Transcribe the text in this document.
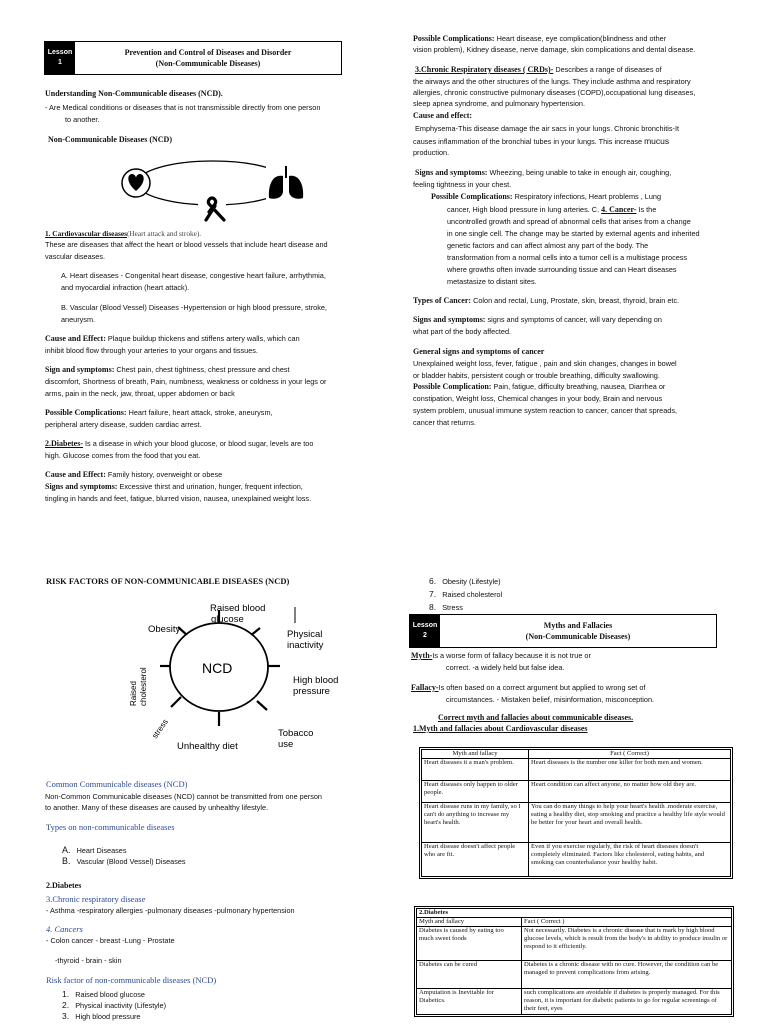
Lesson
1
Prevention and Control of Diseases and Disorder
(Non-Communicable Diseases)
Understanding Non-Communicable diseases (NCD).
- Are Medical conditions or diseases that is not transmissible directly from one person
to another.
Non-Communicable Diseases (NCD)
1. Cardiovascular diseases(Heart attack and stroke).
These are diseases that affect the heart or blood vessels that include heart disease and
vascular diseases.
A. Heart diseases - Congenital heart disease, congestive heart failure, arrhythmia,
and myocardial infraction (heart attack).
B. Vascular (Blood Vessel) Diseases -Hypertension or high blood pressure, stroke,
aneurysm.
Cause and Effect: Plaque buildup thickens and stiffens artery walls, which can
inhibit blood flow through your arteries to your organs and tissues.
Sign and symptoms: Chest pain, chest tightness, chest pressure and chest
discomfort, Shortness of breath, Pain, numbness, weakness or coldness in your legs or
arms, pain in the neck, jaw, throat, upper abdomen or back
Possible Complications: Heart failure, heart attack, stroke, aneurysm,
peripheral artery disease, sudden cardiac arrest.
2.Diabetes- Is a disease in which your blood glucose, or blood sugar, levels are too
high. Glucose comes from the food that you eat.
Cause and Effect: Family history, overweight or obese
Signs and symptoms: Excessive thirst and urination, hunger, frequent infection,
tingling in hands and feet, fatigue, blurred vision, nausea, unexplained weight loss.
Possible Complications: Heart disease, eye complication(blindness and other
vision problem), Kidney disease, nerve damage, skin complications and dental disease.
3.Chronic Respiratory diseases ( CRDs)- Describes a range of diseases of
the airways and the other structures of the lungs. They include asthma and respiratory
allergies, chronic constructive pulmonary diseases (COPD),occupational lung diseases,
sleep apnea syndrome, and pulmonary hypertension.
Cause and effect:
Emphysema-This disease damage the air sacs in your lungs. Chronic bronchitis-It
causes inflammation of the bronchial tubes in your lungs. This increase mucus
production.
Signs and symptoms: Wheezing, being unable to take in enough air, coughing,
feeling tightness in your chest.
Possible Complications: Respiratory infections, Heart problems , Lung
cancer, High blood pressure in lung arteries. C. 4. Cancer- Is the
uncontrolled growth and spread of abnormal cells that arises from a change
in one single cell. The change may be started by external agents and inherited
genetic factors and can affect almost any part of the body. The
transformation from a normal cells into a tumor cell is a multistage process
where growths often invade surrounding tissue and can Heart diseases
metastasize to distant sites.
Types of Cancer: Colon and rectal, Lung, Prostate, skin, breast, thyroid, brain etc.
Signs and symptoms: signs and symptoms of cancer, will vary depending on
what part of the body affected.
General signs and symptoms of cancer
Unexplained weight loss, fever, fatigue , pain and skin changes, changes in bowel
or bladder habits, persistent cough or trouble breathing, difficulty swallowing.
Possible Complication: Pain, fatigue, difficulty breathing, nausea, Diarrhea or
constipation, Weight loss, Chemical changes in your body, Brain and nervous
system problem, unusual immune system reaction to cancer, cancer that spreads,
cancer that returns.
RISK FACTORS OF NON-COMMUNICABLE DISEASES (NCD)
NCD
Obesity
Raised blood
glucose
Physical
inactivity
High blood
pressure
Tobacco
use
Unhealthy diet
stress
Raised cholesterol
Common Communicable diseases (NCD)
Non-Common Communicable diseases (NCD) cannot be transmitted from one person
to another. Many of these diseases are caused by unhealthy lifestyle.
Types on non-communicable diseases
A. Heart Diseases
B. Vascular (Blood Vessel) Diseases
2.Diabetes
3.Chronic respiratory disease
- Asthma -respiratory allergies -pulmonary diseases -pulmonary hypertension
4. Cancers
- Colon cancer - breast -Lung - Prostate
-thyroid - brain - skin
Risk factor of non-communicable diseases (NCD)
1. Raised blood glucose
2. Physical inactivity (Lifestyle)
3. High blood pressure
6. Obesity (Lifestyle)
7. Raised cholesterol
8. Stress
Lesson
2
Myths and Fallacies
(Non-Communicable Diseases)
Myth-Is a worse form of fallacy because it is not true or
correct. -a widely held but false idea.
Fallacy-Is often based on a correct argument but applied to wrong set of
circumstances. - Mistaken belief, misinformation, misconception.
Correct myth and fallacies about communicable diseases.
1.Myth and fallacies about Cardiovascular diseases
Myth and fallacy	Fact ( Correct)
Heart diseases it a man's problem.	Heart diseases is the number one killer for both men and women.
Heart diseases only happen to older people.	Heart condition can affect anyone, no matter how old they are.
Heart disease runs in my family, so I can't do anything to increase my heart's health.	You can do many things to help your heart's health .moderate exercise, eating a healthy diet, stop smoking and practice a healthy life style would be better for your heart and overall health.
Heart disease doesn't affect people who are fit.	Even if you exercise regularly, the risk of heart diseases doesn't completely eliminated. Factors like cholesterol, eating habits, and smoking can counterbalance your healthy habit.
2.Diabetes	
Myth and fallacy	Fact ( Correct )
Diabetes is caused by eating too much sweet foods	Not necessarily. Diabetes is a chronic disease that is mark by high blood glucose levels, which is result from the body's in ability to produce insulin or respond to it efficiently.
Diabetes can be cured	Diabetes is a chronic disease with no cure. However, the condition can be managed to prevent complications from arising.
Amputation is Inevitable for Diabetics.	such complications are avoidable if diabetes is properly managed. For this reason, it is important for diabetic patients to go for regular screenings of their feet, eyes
